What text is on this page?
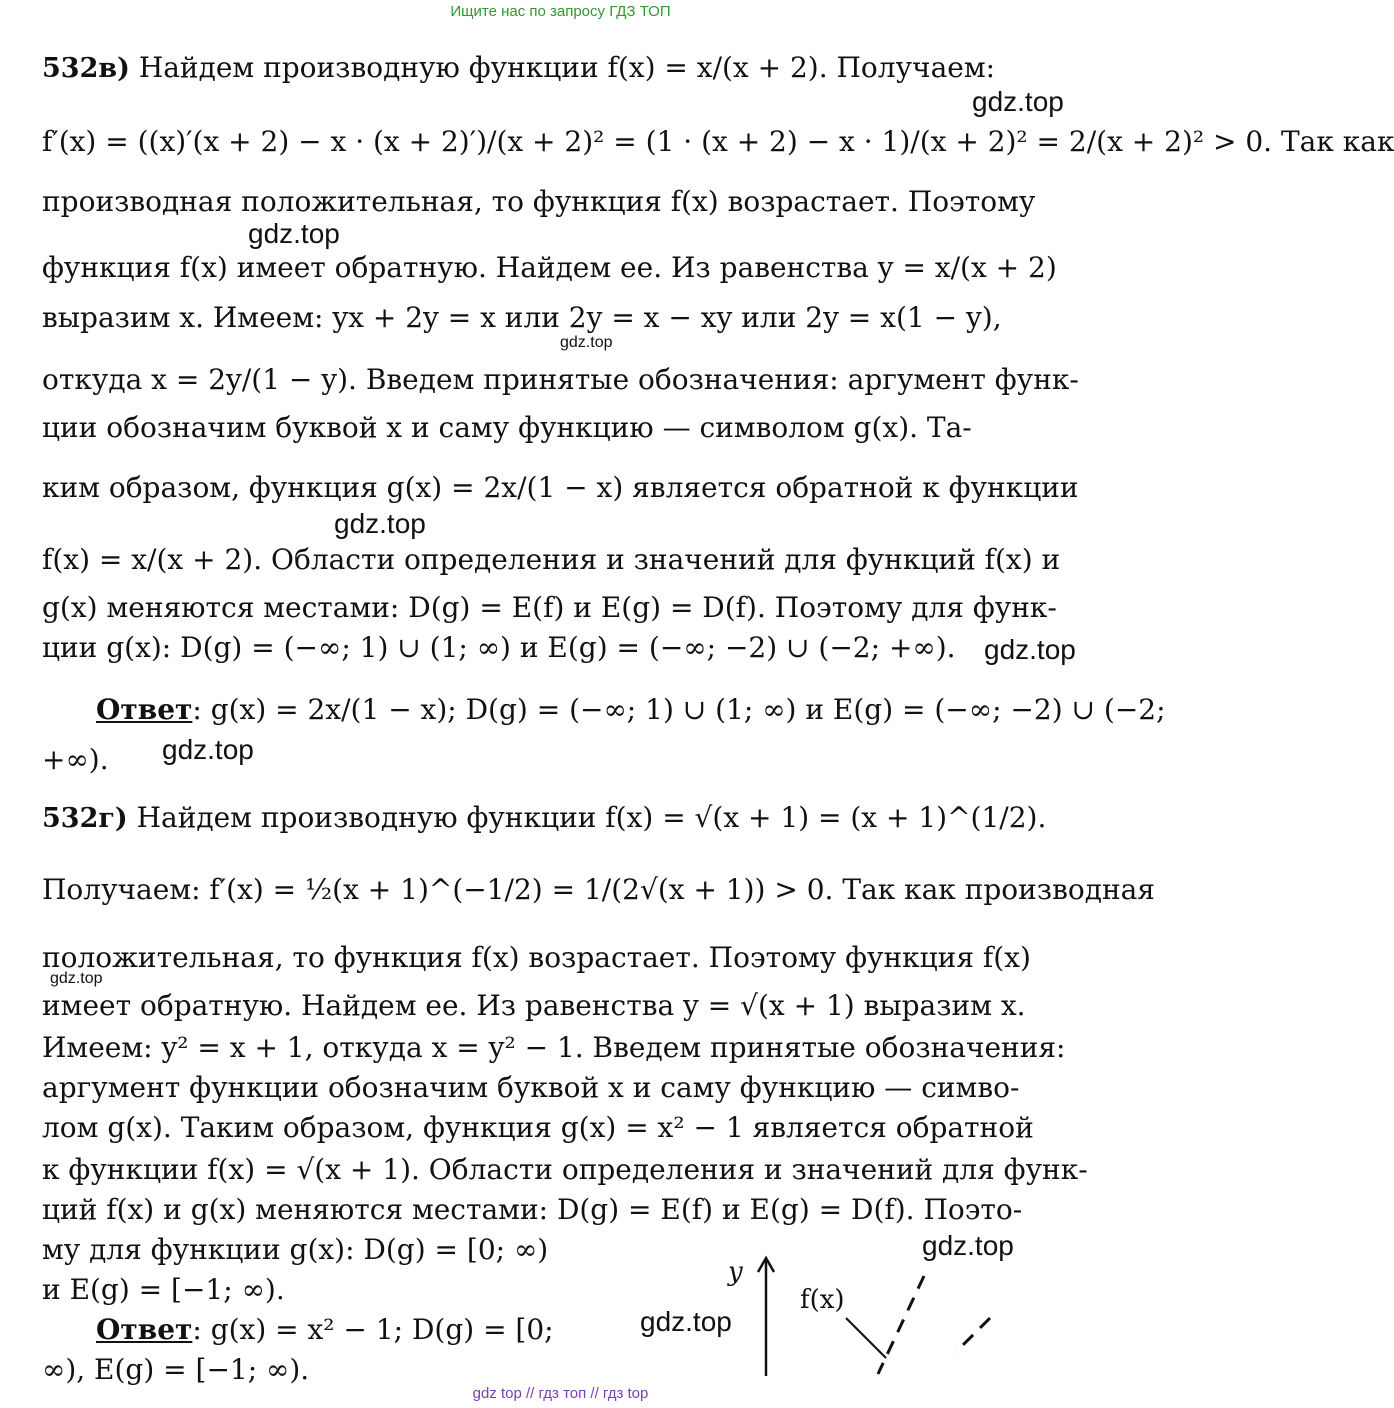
Ищите нас по запросу ГДЗ ТОП
532в) Найдем производную функции f(x) = x/(x + 2). Получаем:
f′(x) = ((x)′(x + 2) − x · (x + 2)′)/(x + 2)² = (1 · (x + 2) − x · 1)/(x + 2)² = 2/(x + 2)² > 0. Так как
производная положительная, то функция f(x) возрастает. Поэтому
функция f(x) имеет обратную. Найдем ее. Из равенства y = x/(x + 2)
выразим x. Имеем: yx + 2y = x или 2y = x − xy или 2y = x(1 − y),
откуда x = 2y/(1 − y). Введем принятые обозначения: аргумент функ-
ции обозначим буквой x и саму функцию — символом g(x). Та-
ким образом, функция g(x) = 2x/(1 − x) является обратной к функции
f(x) = x/(x + 2). Области определения и значений для функций f(x) и
g(x) меняются местами: D(g) = E(f) и E(g) = D(f). Поэтому для функ-
ции g(x): D(g) = (−∞; 1) ∪ (1; ∞) и E(g) = (−∞; −2) ∪ (−2; +∞).
Ответ: g(x) = 2x/(1 − x); D(g) = (−∞; 1) ∪ (1; ∞) и E(g) = (−∞; −2) ∪ (−2;
+∞).
532г) Найдем производную функции f(x) = √(x + 1) = (x + 1)^(1/2).
Получаем: f′(x) = ½(x + 1)^(−1/2) = 1/(2√(x + 1)) > 0. Так как производная
положительная, то функция f(x) возрастает. Поэтому функция f(x)
имеет обратную. Найдем ее. Из равенства y = √(x + 1) выразим x.
Имеем: y² = x + 1, откуда x = y² − 1. Введем принятые обозначения:
аргумент функции обозначим буквой x и саму функцию — симво-
лом g(x). Таким образом, функция g(x) = x² − 1 является обратной
к функции f(x) = √(x + 1). Области определения и значений для функ-
ций f(x) и g(x) меняются местами: D(g) = E(f) и E(g) = D(f). Поэто-
му для функции g(x): D(g) = [0; ∞)
и E(g) = [−1; ∞).
Ответ: g(x) = x² − 1; D(g) = [0;
∞), E(g) = [−1; ∞).
y
f(x)
gdz.top
gdz.top
gdz.top
gdz.top
gdz.top
gdz.top
gdz.top
gdz.top
gdz.top
gdz top // гдз топ // гдз top
